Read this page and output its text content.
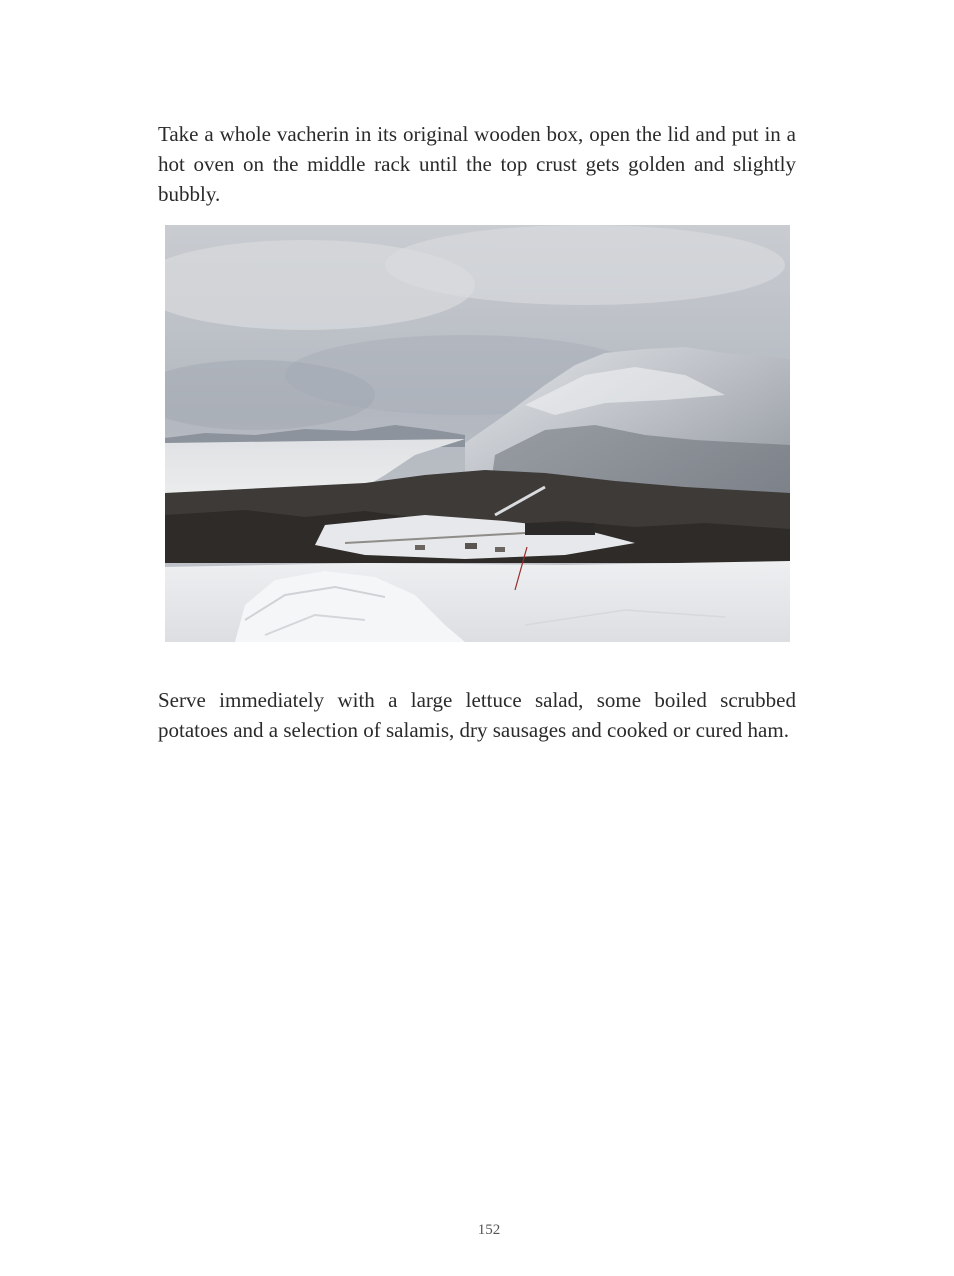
Take a whole vacherin in its original wooden box, open the lid and put in a hot oven on the middle rack until the top crust gets golden and slightly bubbly.

Serve immediately with a large lettuce salad, some boiled scrubbed potatoes and a selection of salamis, dry sausages and cooked or cured ham.

152
